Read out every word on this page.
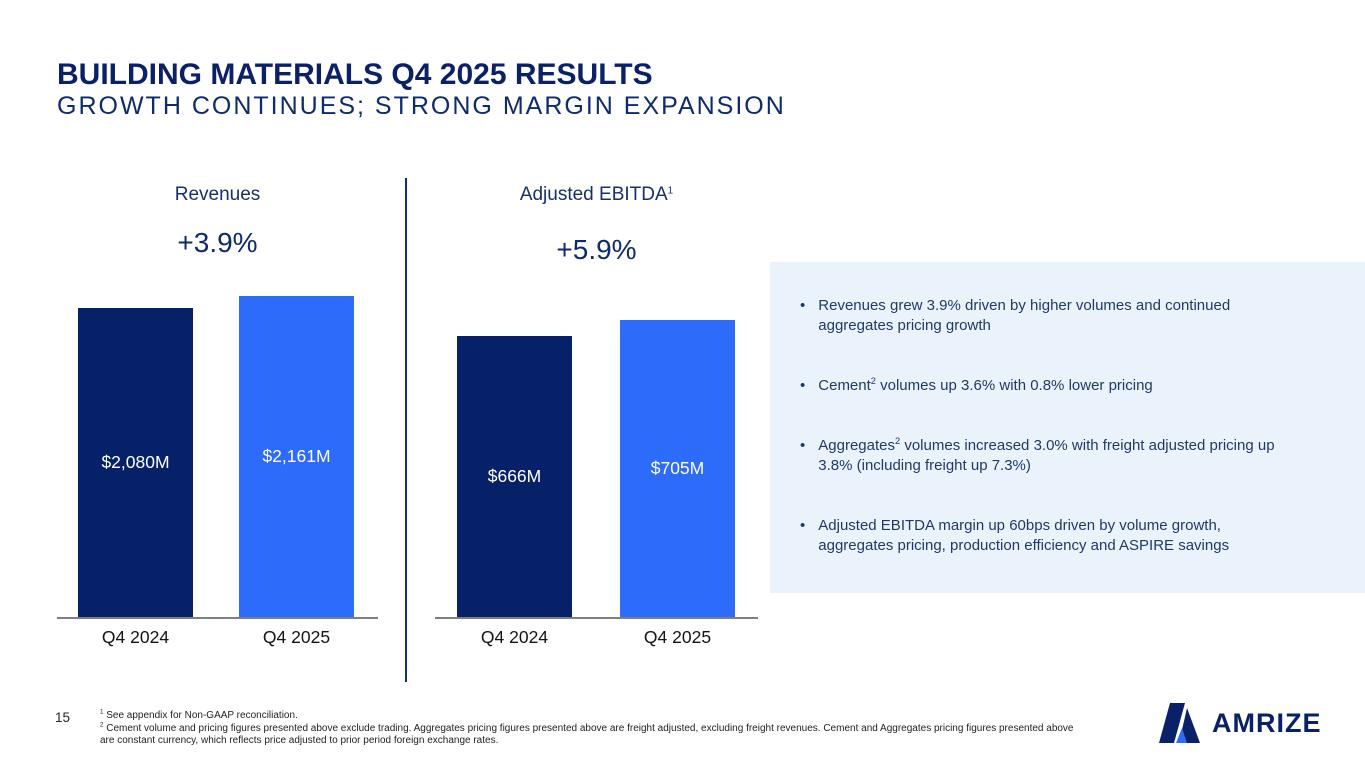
BUILDING MATERIALS Q4 2025 RESULTS
GROWTH CONTINUES; STRONG MARGIN EXPANSION
Revenues
+3.9%
$2,080M	$2,161M
Q4 2024	Q4 2025
Adjusted $EBITDA^1$
+5.9%
$666M	$705M
Q4 2024	Q4 2025
• Revenues grew 3.9% driven by higher volumes and continued aggregates pricing growth
• Cement$^2$ volumes up 3.6% with 0.8% lower pricing
• Aggregates$^2$ volumes increased 3.0% with freight adjusted pricing up 3.8% (including freight up 7.3%)
• Adjusted EBITDA margin up 60bps driven by volume growth, aggregates pricing, production efficiency and ASPIRE savings
15	$^1$ See appendix for Non-GAAP reconciliation.
$^2$ Cement volume and pricing figures presented above exclude trading. Aggregates pricing figures presented above are freight adjusted, excluding freight revenues. Cement and Aggregates pricing figures presented above are constant currency, which reflects price adjusted to prior period foreign exchange rates.
AMRIZE
